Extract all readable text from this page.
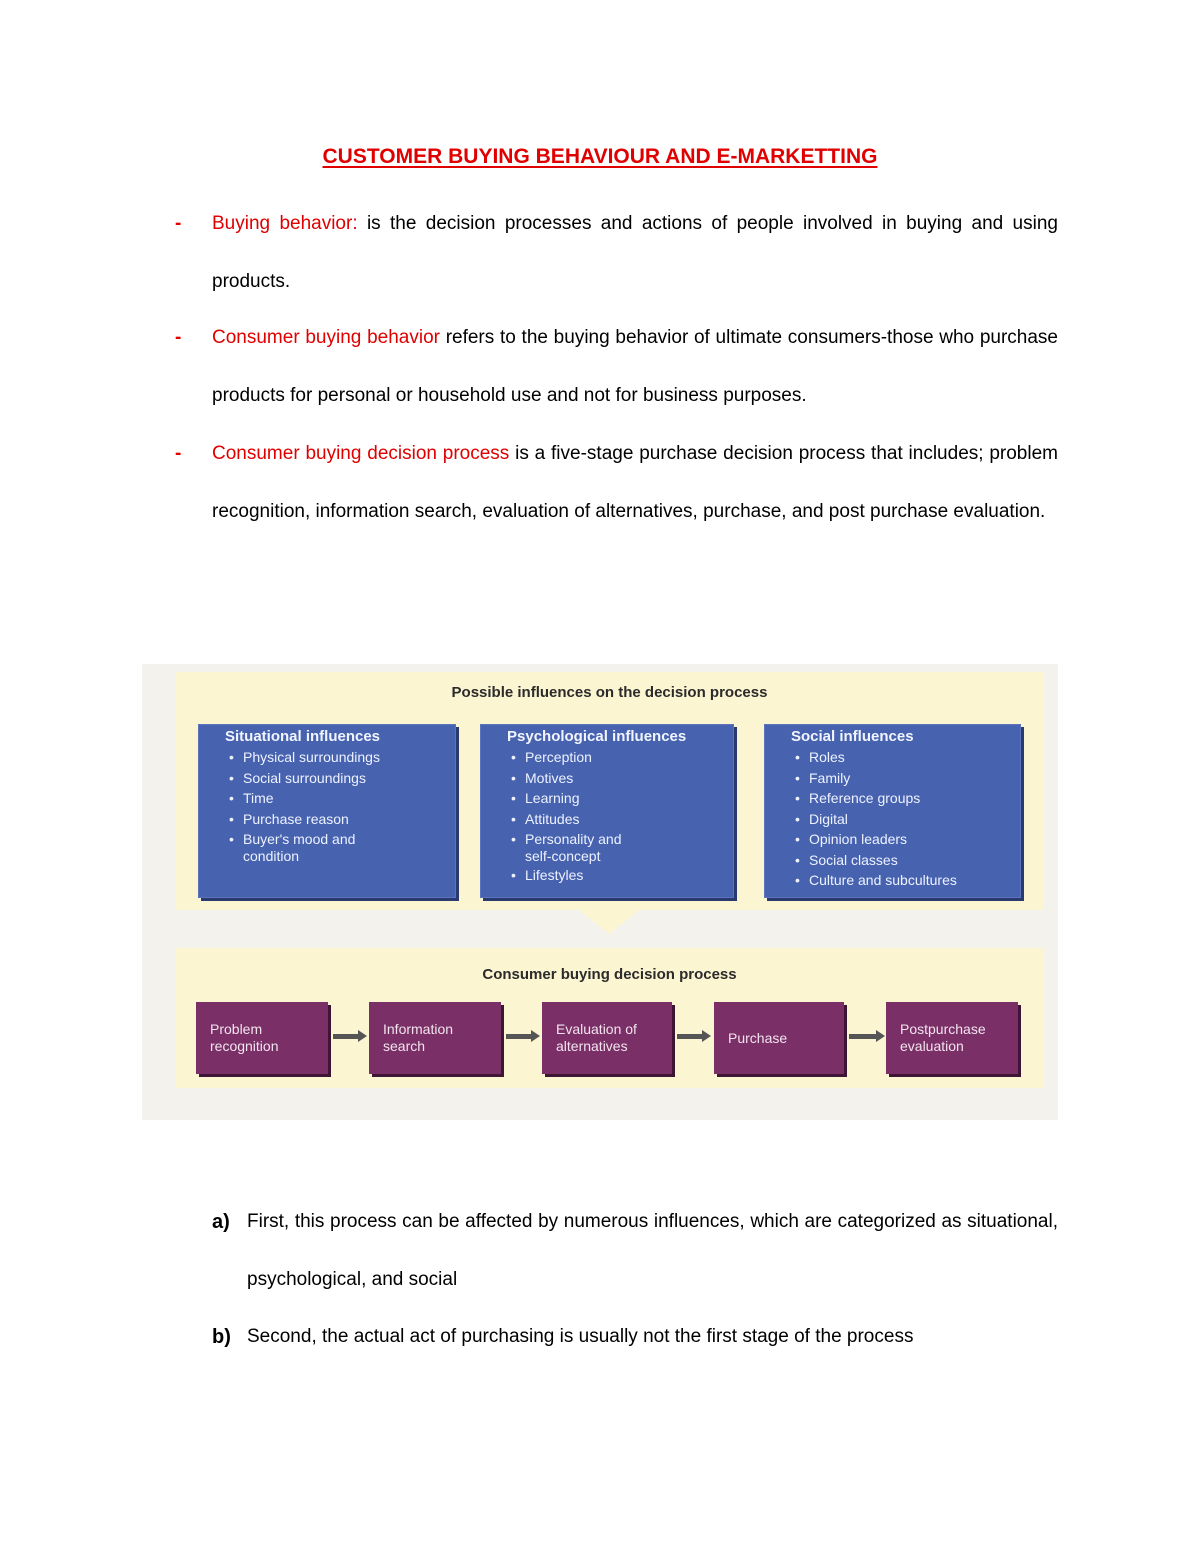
CUSTOMER BUYING BEHAVIOUR AND E-MARKETTING
- Buying behavior: is the decision processes and actions of people involved in buying and using products.

- Consumer buying behavior refers to the buying behavior of ultimate consumers-those who purchase products for personal or household use and not for business purposes.

- Consumer buying decision process is a five-stage purchase decision process that includes; problem recognition, information search, evaluation of alternatives, purchase, and post purchase evaluation.

Possible influences on the decision process
Situational influences
• Physical surroundings
• Social surroundings
• Time
• Purchase reason
• Buyer's mood and condition
Psychological influences
• Perception
• Motives
• Learning
• Attitudes
• Personality and self-concept
• Lifestyles
Social influences
• Roles
• Family
• Reference groups
• Digital
• Opinion leaders
• Social classes
• Culture and subcultures
Consumer buying decision process
Problem recognition
Information search
Evaluation of alternatives
Purchase
Postpurchase evaluation
a) First, this process can be affected by numerous influences, which are categorized as situational, psychological, and social

b) Second, the actual act of purchasing is usually not the first stage of the process
